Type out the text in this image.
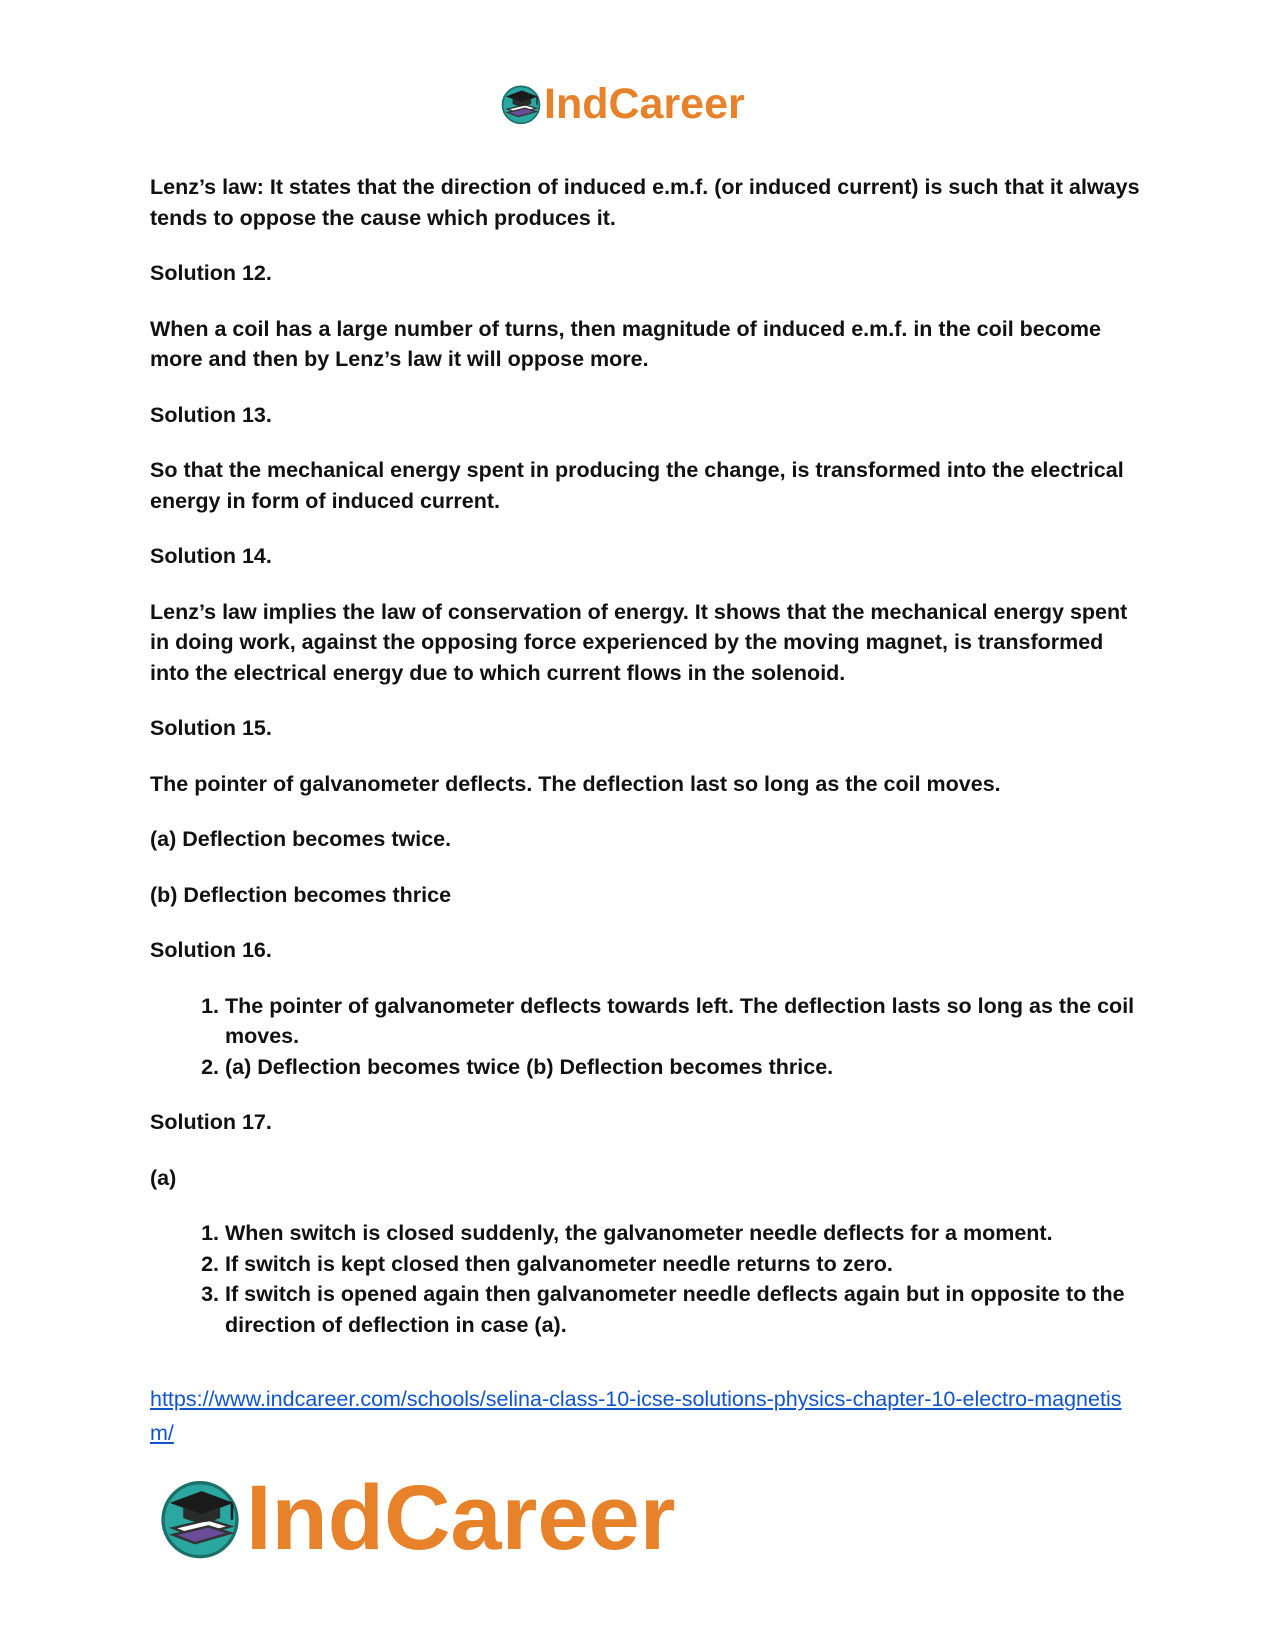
IndCareer

Lenz’s law: It states that the direction of induced e.m.f. (or induced current) is such that it always tends to oppose the cause which produces it.

Solution 12.

When a coil has a large number of turns, then magnitude of induced e.m.f. in the coil become more and then by Lenz’s law it will oppose more.

Solution 13.

So that the mechanical energy spent in producing the change, is transformed into the electrical energy in form of induced current.

Solution 14.

Lenz’s law implies the law of conservation of energy. It shows that the mechanical energy spent in doing work, against the opposing force experienced by the moving magnet, is transformed into the electrical energy due to which current flows in the solenoid.

Solution 15.

The pointer of galvanometer deflects. The deflection last so long as the coil moves.

(a) Deflection becomes twice.

(b) Deflection becomes thrice

Solution 16.

1. The pointer of galvanometer deflects towards left. The deflection lasts so long as the coil moves.
2. (a) Deflection becomes twice (b) Deflection becomes thrice.

Solution 17.

(a)

1. When switch is closed suddenly, the galvanometer needle deflects for a moment.
2. If switch is kept closed then galvanometer needle returns to zero.
3. If switch is opened again then galvanometer needle deflects again but in opposite to the direction of deflection in case (a).
https://www.indcareer.com/schools/selina-class-10-icse-solutions-physics-chapter-10-electro-magnetism/
IndCareer
